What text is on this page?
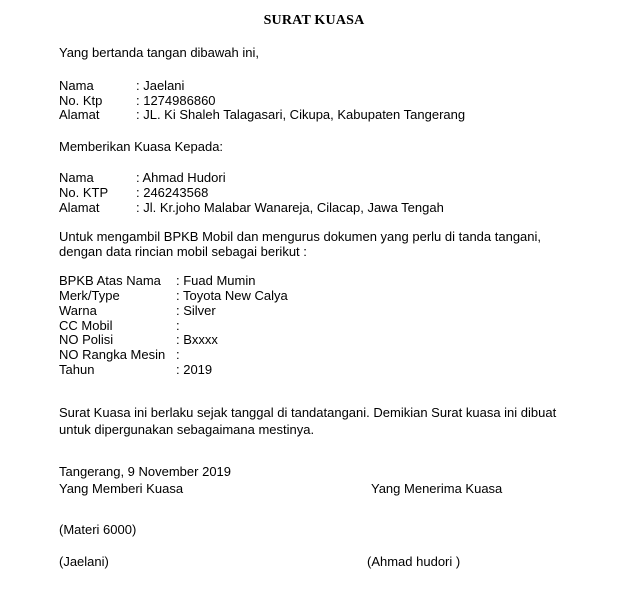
SURAT KUASA
Yang bertanda tangan dibawah ini,
Nama	: Jaelani
No. Ktp	: 1274986860
Alamat	: JL. Ki Shaleh Talagasari, Cikupa, Kabupaten Tangerang
Memberikan Kuasa Kepada:
Nama	: Ahmad Hudori
No. KTP : 246243568
Alamat	: Jl. Kr.joho Malabar Wanareja, Cilacap, Jawa Tengah
Untuk mengambil BPKB Mobil dan mengurus dokumen yang perlu di tanda tangani,
dengan data rincian mobil sebagai berikut :
BPKB Atas Nama : Fuad Mumin
Merk/Type	: Toyota New Calya
Warna	: Silver
CC Mobil	:
NO Polisi	: Bxxxx
NO Rangka Mesin :
Tahun	: 2019
Surat Kuasa ini berlaku sejak tanggal di tandatangani. Demikian Surat kuasa ini dibuat
untuk dipergunakan sebagaimana mestinya.
Tangerang, 9 November 2019
Yang Memberi Kuasa	Yang Menerima Kuasa
(Materi 6000)
(Jaelani)	(Ahmad hudori )
